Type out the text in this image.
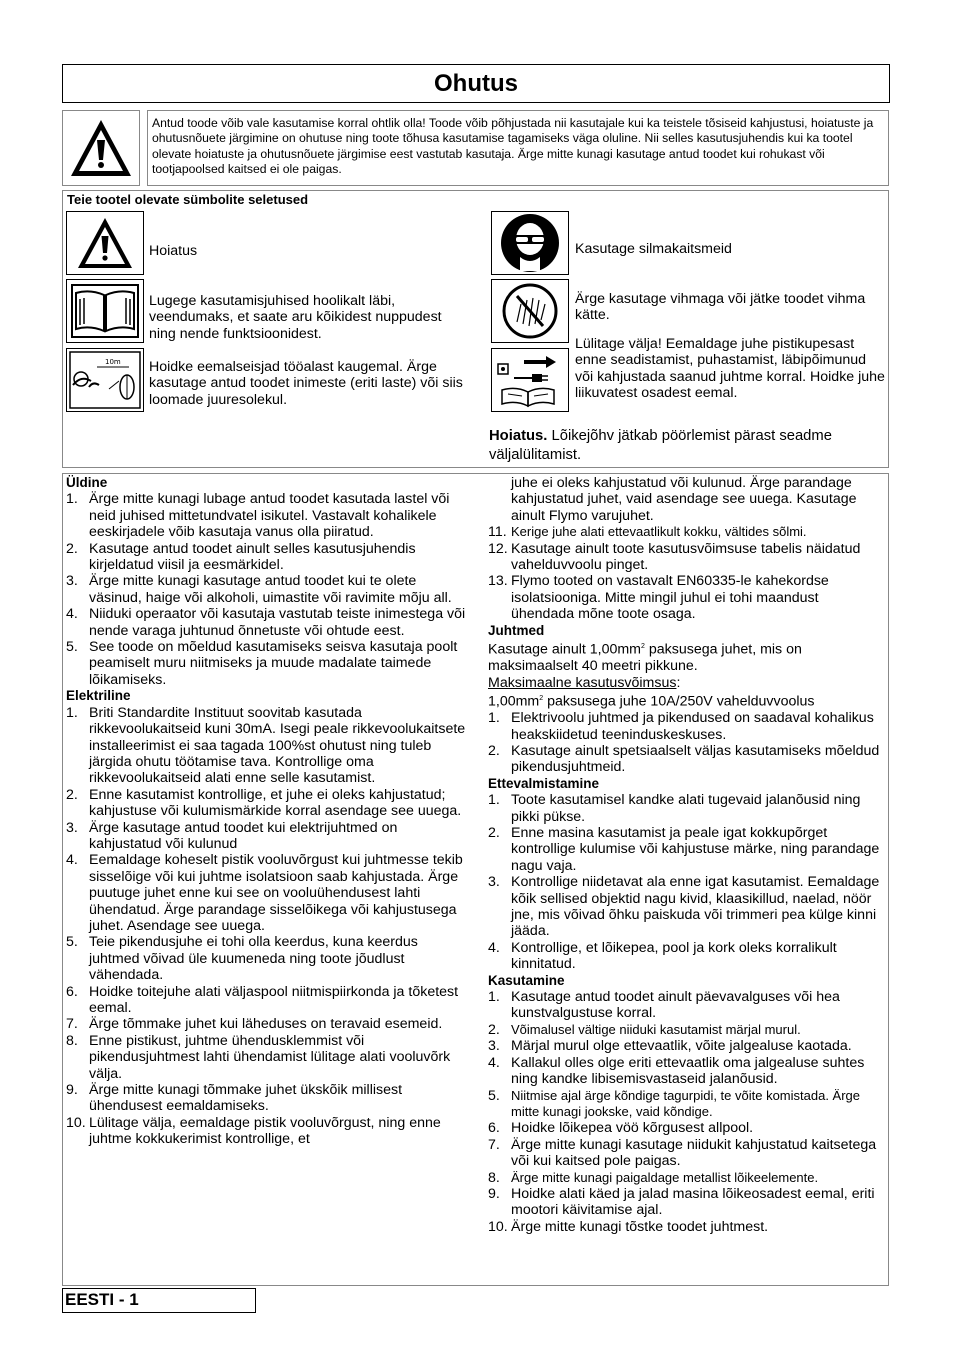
Ohutus
Antud toode võib vale kasutamise korral ohtlik olla! Toode võib põhjustada nii kasutajale kui ka teistele tõsiseid kahjustusi, hoiatuste ja ohutusnõuete järgimine on ohutuse ning toote tõhusa kasutamise tagamiseks väga oluline. Nii selles kasutusjuhendis kui ka tootel olevate hoiatuste ja ohutusnõuete järgimise eest vastutab kasutaja. Ärge mitte kunagi kasutage antud toodet kui rohukast või tootjapoolsed kaitsed ei ole paigas.
Teie tootel olevate sümbolite seletused
Hoiatus
Lugege kasutamisjuhised hoolikalt läbi, veendumaks, et saate aru kõikidest nuppudest ning nende funktsioonidest.
10m Hoidke eemalseisjad tööalast kaugemal. Ärge kasutage antud toodet inimeste (eriti laste) või siis loomade juuresolekul.
Kasutage silmakaitsmeid
Ärge kasutage vihmaga või jätke toodet vihma kätte.
Lülitage välja! Eemaldage juhe pistikupesast enne seadistamist, puhastamist, läbipõimunud või kahjustada saanud juhtme korral. Hoidke juhe liikuvatest osadest eemal.
Hoiatus. Lõikejõhv jätkab pöörlemist pärast seadme väljalülitamist.
Üldine
1. Ärge mitte kunagi lubage antud toodet kasutada lastel või neid juhised mittetundvatel isikutel. Vastavalt kohalikele eeskirjadele võib kasutaja vanus olla piiratud.
2. Kasutage antud toodet ainult selles kasutusjuhendis kirjeldatud viisil ja eesmärkidel.
3. Ärge mitte kunagi kasutage antud toodet kui te olete väsinud, haige või alkoholi, uimastite või ravimite mõju all.
4. Niiduki operaator või kasutaja vastutab teiste inimestega või nende varaga juhtunud õnnetuste või ohtude eest.
5. See toode on mõeldud kasutamiseks seisva kasutaja poolt peamiselt muru niitmiseks ja muude madalate taimede lõikamiseks.
Elektriline
1. Briti Standardite Instituut soovitab kasutada rikkevoolukaitseid kuni 30mA. Isegi peale rikkevoolukaitsete installeerimist ei saa tagada 100%st ohutust ning tuleb järgida ohutu töötamise tava. Kontrollige oma rikkevoolukaitseid alati enne selle kasutamist.
2. Enne kasutamist kontrollige, et juhe ei oleks kahjustatud; kahjustuse või kulumismärkide korral asendage see uuega.
3. Ärge kasutage antud toodet kui elektrijuhtmed on kahjustatud või kulunud
4. Eemaldage koheselt pistik vooluvõrgust kui juhtmesse tekib sisselõige või kui juhtme isolatsioon saab kahjustada. Ärge puutuge juhet enne kui see on vooluühendusest lahti ühendatud. Ärge parandage sisselõikega või kahjustusega juhet. Asendage see uuega.
5. Teie pikendusjuhe ei tohi olla keerdus, kuna keerdus juhtmed võivad üle kuumeneda ning toote jõudlust vähendada.
6. Hoidke toitejuhe alati väljaspool niitmispiirkonda ja tõketest eemal.
7. Ärge tõmmake juhet kui läheduses on teravaid esemeid.
8. Enne pistikust, juhtme ühendusklemmist või pikendusjuhtmest lahti ühendamist lülitage alati vooluvõrk välja.
9. Ärge mitte kunagi tõmmake juhet ükskõik millisest ühendusest eemaldamiseks.
10. Lülitage välja, eemaldage pistik vooluvõrgust, ning enne juhtme kokkukerimist kontrollige, et

juhe ei oleks kahjustatud või kulunud. Ärge parandage kahjustatud juhet, vaid asendage see uuega. Kasutage ainult Flymo varujuhet.

11. Kerige juhe alati ettevaatlikult kokku, vältides sõlmi.
12. Kasutage ainult toote kasutusvõimsuse tabelis näidatud vahelduvvoolu pinget.
13. Flymo tooted on vastavalt EN60335-le kahekordse isolatsiooniga. Mitte mingil juhul ei tohi maandust ühendada mõne toote osaga.
Juhtmed

Kasutage ainult $1,00mm^2$ paksusega juhet, mis on maksimaalselt 40 meetri pikkune.

Maksimaalne kasutusvõimsus:

$1,00mm^2$ paksusega juhe 10A/250V vahelduvvoolus

1. Elektrivoolu juhtmed ja pikendused on saadaval kohalikus heakskiidetud teeninduskeskuses.
2. Kasutage ainult spetsiaalselt väljas kasutamiseks mõeldud pikendusjuhtmeid.
Ettevalmistamine
1. Toote kasutamisel kandke alati tugevaid jalanõusid ning pikki pükse.
2. Enne masina kasutamist ja peale igat kokkupõrget kontrollige kulumise või kahjustuse märke, ning parandage nagu vaja.
3. Kontrollige niidetavat ala enne igat kasutamist. Eemaldage kõik sellised objektid nagu kivid, klaasikillud, naelad, nöör jne, mis võivad õhku paiskuda või trimmeri pea külge kinni jääda.
4. Kontrollige, et lõikepea, pool ja kork oleks korralikult kinnitatud.
Kasutamine
1. Kasutage antud toodet ainult päevavalguses või hea kunstvalgustuse korral.
2. Võimalusel vältige niiduki kasutamist märjal murul.
3. Märjal murul olge ettevaatlik, võite jalgealuse kaotada.
4. Kallakul olles olge eriti ettevaatlik oma jalgealuse suhtes ning kandke libisemisvastaseid jalanõusid.
5. Niitmise ajal ärge kõndige tagurpidi, te võite komistada. Ärge mitte kunagi jookske, vaid kõndige.
6. Hoidke lõikepea vöö kõrgusest allpool.
7. Ärge mitte kunagi kasutage niidukit kahjustatud kaitsetega või kui kaitsed pole paigas.
8. Ärge mitte kunagi paigaldage metallist lõikeelemente.
9. Hoidke alati käed ja jalad masina lõikeosadest eemal, eriti mootori käivitamise ajal.
10. Ärge mitte kunagi tõstke toodet juhtmest.
EESTI - 1
